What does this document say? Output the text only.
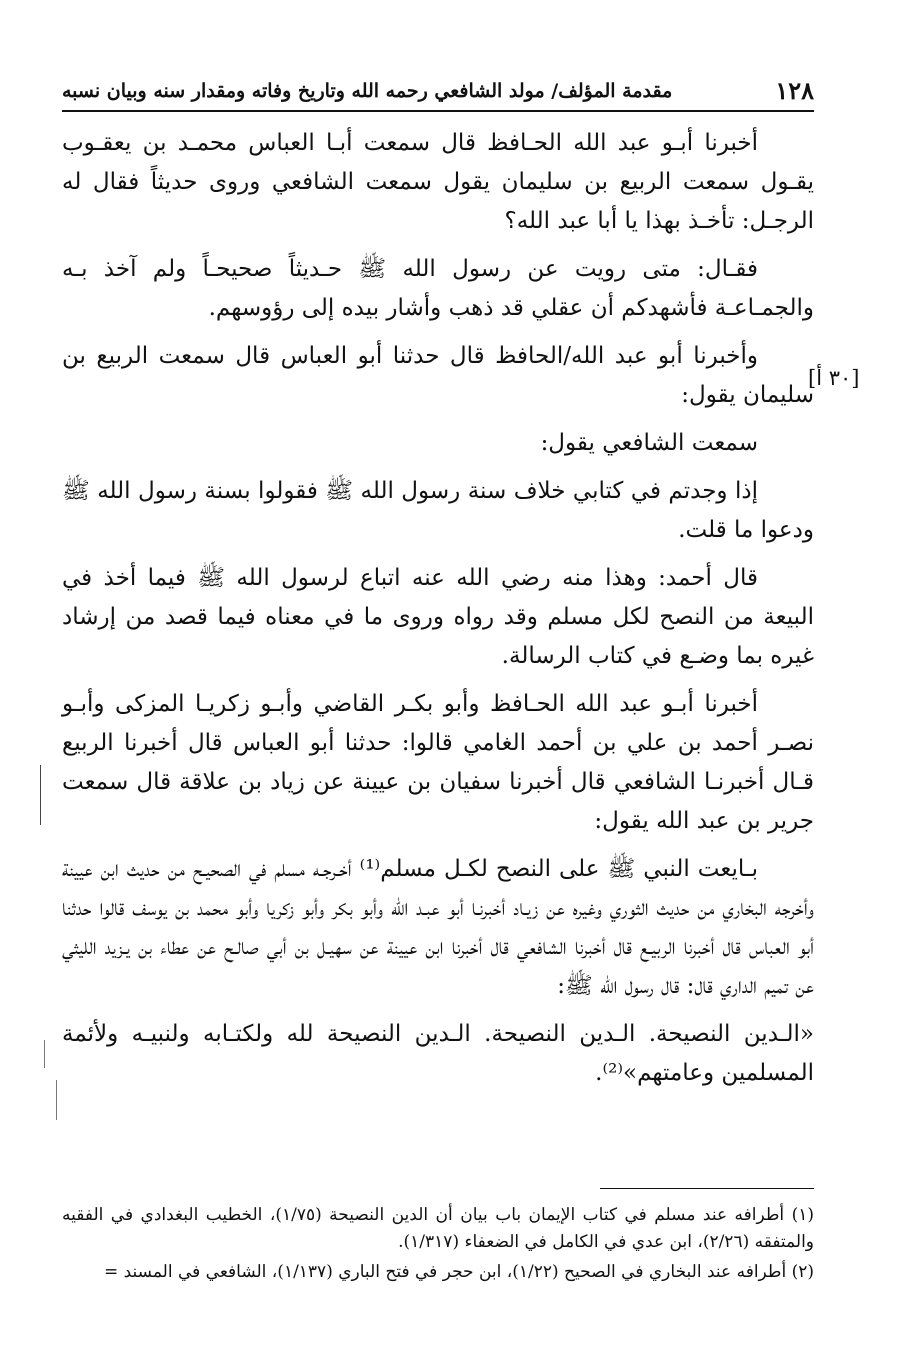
١٢٨
مقدمة المؤلف/ مولد الشافعي رحمه الله وتاريخ وفاته ومقدار سنه وبيان نسبه
[٣٠ أ]

أخبرنا أبـو عبد الله الحـافظ قال سمعت أبـا العباس محمـد بن يعقـوب يقـول سمعت الربيع بن سليمان يقول سمعت الشافعي وروى حديثاً فقال له الرجـل: تأخـذ بهذا يا أبا عبد الله؟

فقـال: متى رويت عن رسول الله ﷺ حـديثاً صحيحـاً ولم آخذ بـه والجمـاعـة فأشهدكم أن عقلي قد ذهب وأشار بيده إلى رؤوسهم.

وأخبرنا أبو عبد الله/الحافظ قال حدثنا أبو العباس قال سمعت الربيع بن سليمان يقول:

سمعت الشافعي يقول:

إذا وجدتم في كتابي خلاف سنة رسول الله ﷺ فقولوا بسنة رسول الله ﷺ ودعوا ما قلت.

قال أحمد: وهذا منه رضي الله عنه اتباع لرسول الله ﷺ فيما أخذ في البيعة من النصح لكل مسلم وقد رواه وروى ما في معناه فيما قصد من إرشاد غيره بما وضـع في كتاب الرسالة.

أخبرنا أبـو عبد الله الحـافظ وأبو بكـر القاضي وأبـو زكريـا المزكى وأبـو نصـر أحمد بن علي بن أحمد الغامي قالوا: حدثنا أبو العباس قال أخبرنا الربيع قـال أخبرنـا الشافعي قال أخبرنا سفيان بن عيينة عن زياد بن علاقة قال سمعت جرير بن عبد الله يقول:

بـايعت النبي ﷺ على النصح لكـل مسلم⁽¹⁾ أخـرجـه مسلم في الصحيـح من حديث ابن عيينة وأخرجه البخاري من حديث الثوري وغيره عن زيـاد أخبرنـا أبو عبـد الله وأبو بكر وأبو زكريا وأبو محمد بن يوسف قالوا حدثنا أبو العباس قال أخبرنا الربيـع قال أخبرنا الشافعي قال أخبرنا ابن عيينة عن سهيـل بن أبي صالـح عن عطاء بن يـزيد الليثي عن تميم الداري قال: قال رسول الله ﷺ:

«الـدين النصيحة. الـدين النصيحة. الـدين النصيحة لله ولكتـابه ولنبيـه ولأئمة المسلمين وعامتهم»⁽²⁾.

(١) أطرافه عند مسلم في كتاب الإيمان باب بيان أن الدين النصيحة (١/٧٥)، الخطيب البغدادي في الفقيه والمتفقه (٢/٢٦)، ابن عدي في الكامل في الضعفاء (١/٣١٧).

(٢) أطرافه عند البخاري في الصحيح (١/٢٢)، ابن حجر في فتح الباري (١/١٣٧)، الشافعي في المسند =
